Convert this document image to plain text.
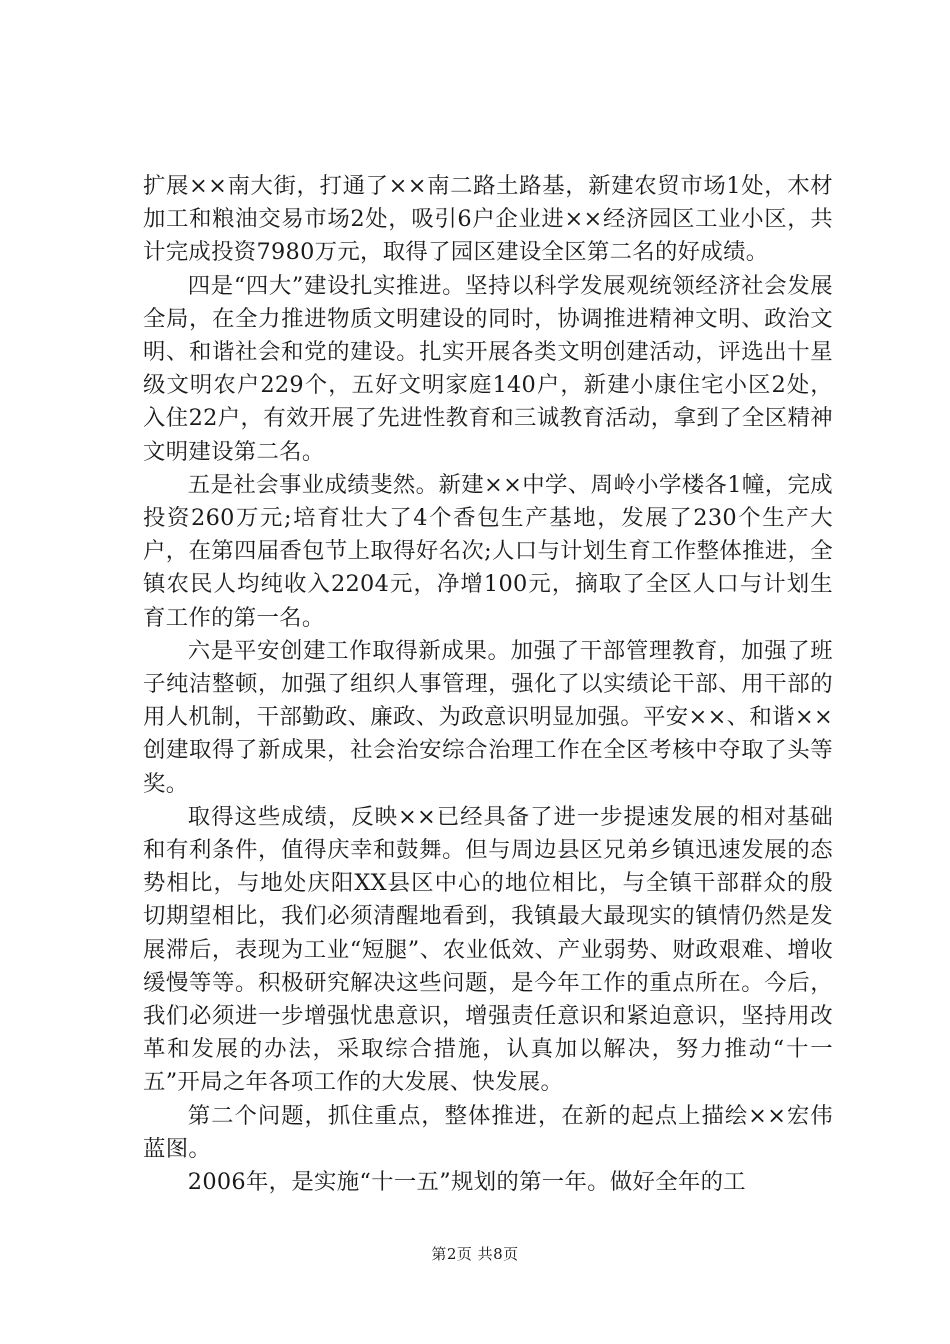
扩展××南大街，打通了××南二路土路基，新建农贸市场1处，木材加工和粮油交易市场2处，吸引6户企业进××经济园区工业小区，共计完成投资7980万元，取得了园区建设全区第二名的好成绩。

四是“四大”建设扎实推进。坚持以科学发展观统领经济社会发展全局，在全力推进物质文明建设的同时，协调推进精神文明、政治文明、和谐社会和党的建设。扎实开展各类文明创建活动，评选出十星级文明农户229个，五好文明家庭140户，新建小康住宅小区2处，入住22户，有效开展了先进性教育和三诚教育活动，拿到了全区精神文明建设第二名。

五是社会事业成绩斐然。新建××中学、周岭小学楼各1幢，完成投资260万元;培育壮大了4个香包生产基地，发展了230个生产大户，在第四届香包节上取得好名次;人口与计划生育工作整体推进，全镇农民人均纯收入2204元，净增100元，摘取了全区人口与计划生育工作的第一名。

六是平安创建工作取得新成果。加强了干部管理教育，加强了班子纯洁整顿，加强了组织人事管理，强化了以实绩论干部、用干部的用人机制，干部勤政、廉政、为政意识明显加强。平安××、和谐××创建取得了新成果，社会治安综合治理工作在全区考核中夺取了头等奖。

取得这些成绩，反映××已经具备了进一步提速发展的相对基础和有利条件，值得庆幸和鼓舞。但与周边县区兄弟乡镇迅速发展的态势相比，与地处庆阳XX县区中心的地位相比，与全镇干部群众的殷切期望相比，我们必须清醒地看到，我镇最大最现实的镇情仍然是发展滞后，表现为工业“短腿”、农业低效、产业弱势、财政艰难、增收缓慢等等。积极研究解决这些问题，是今年工作的重点所在。今后，我们必须进一步增强忧患意识，增强责任意识和紧迫意识，坚持用改革和发展的办法，采取综合措施，认真加以解决，努力推动“十一五”开局之年各项工作的大发展、快发展。

第二个问题，抓住重点，整体推进，在新的起点上描绘××宏伟蓝图。

2006年，是实施“十一五”规划的第一年。做好全年的工

第2页 共8页
